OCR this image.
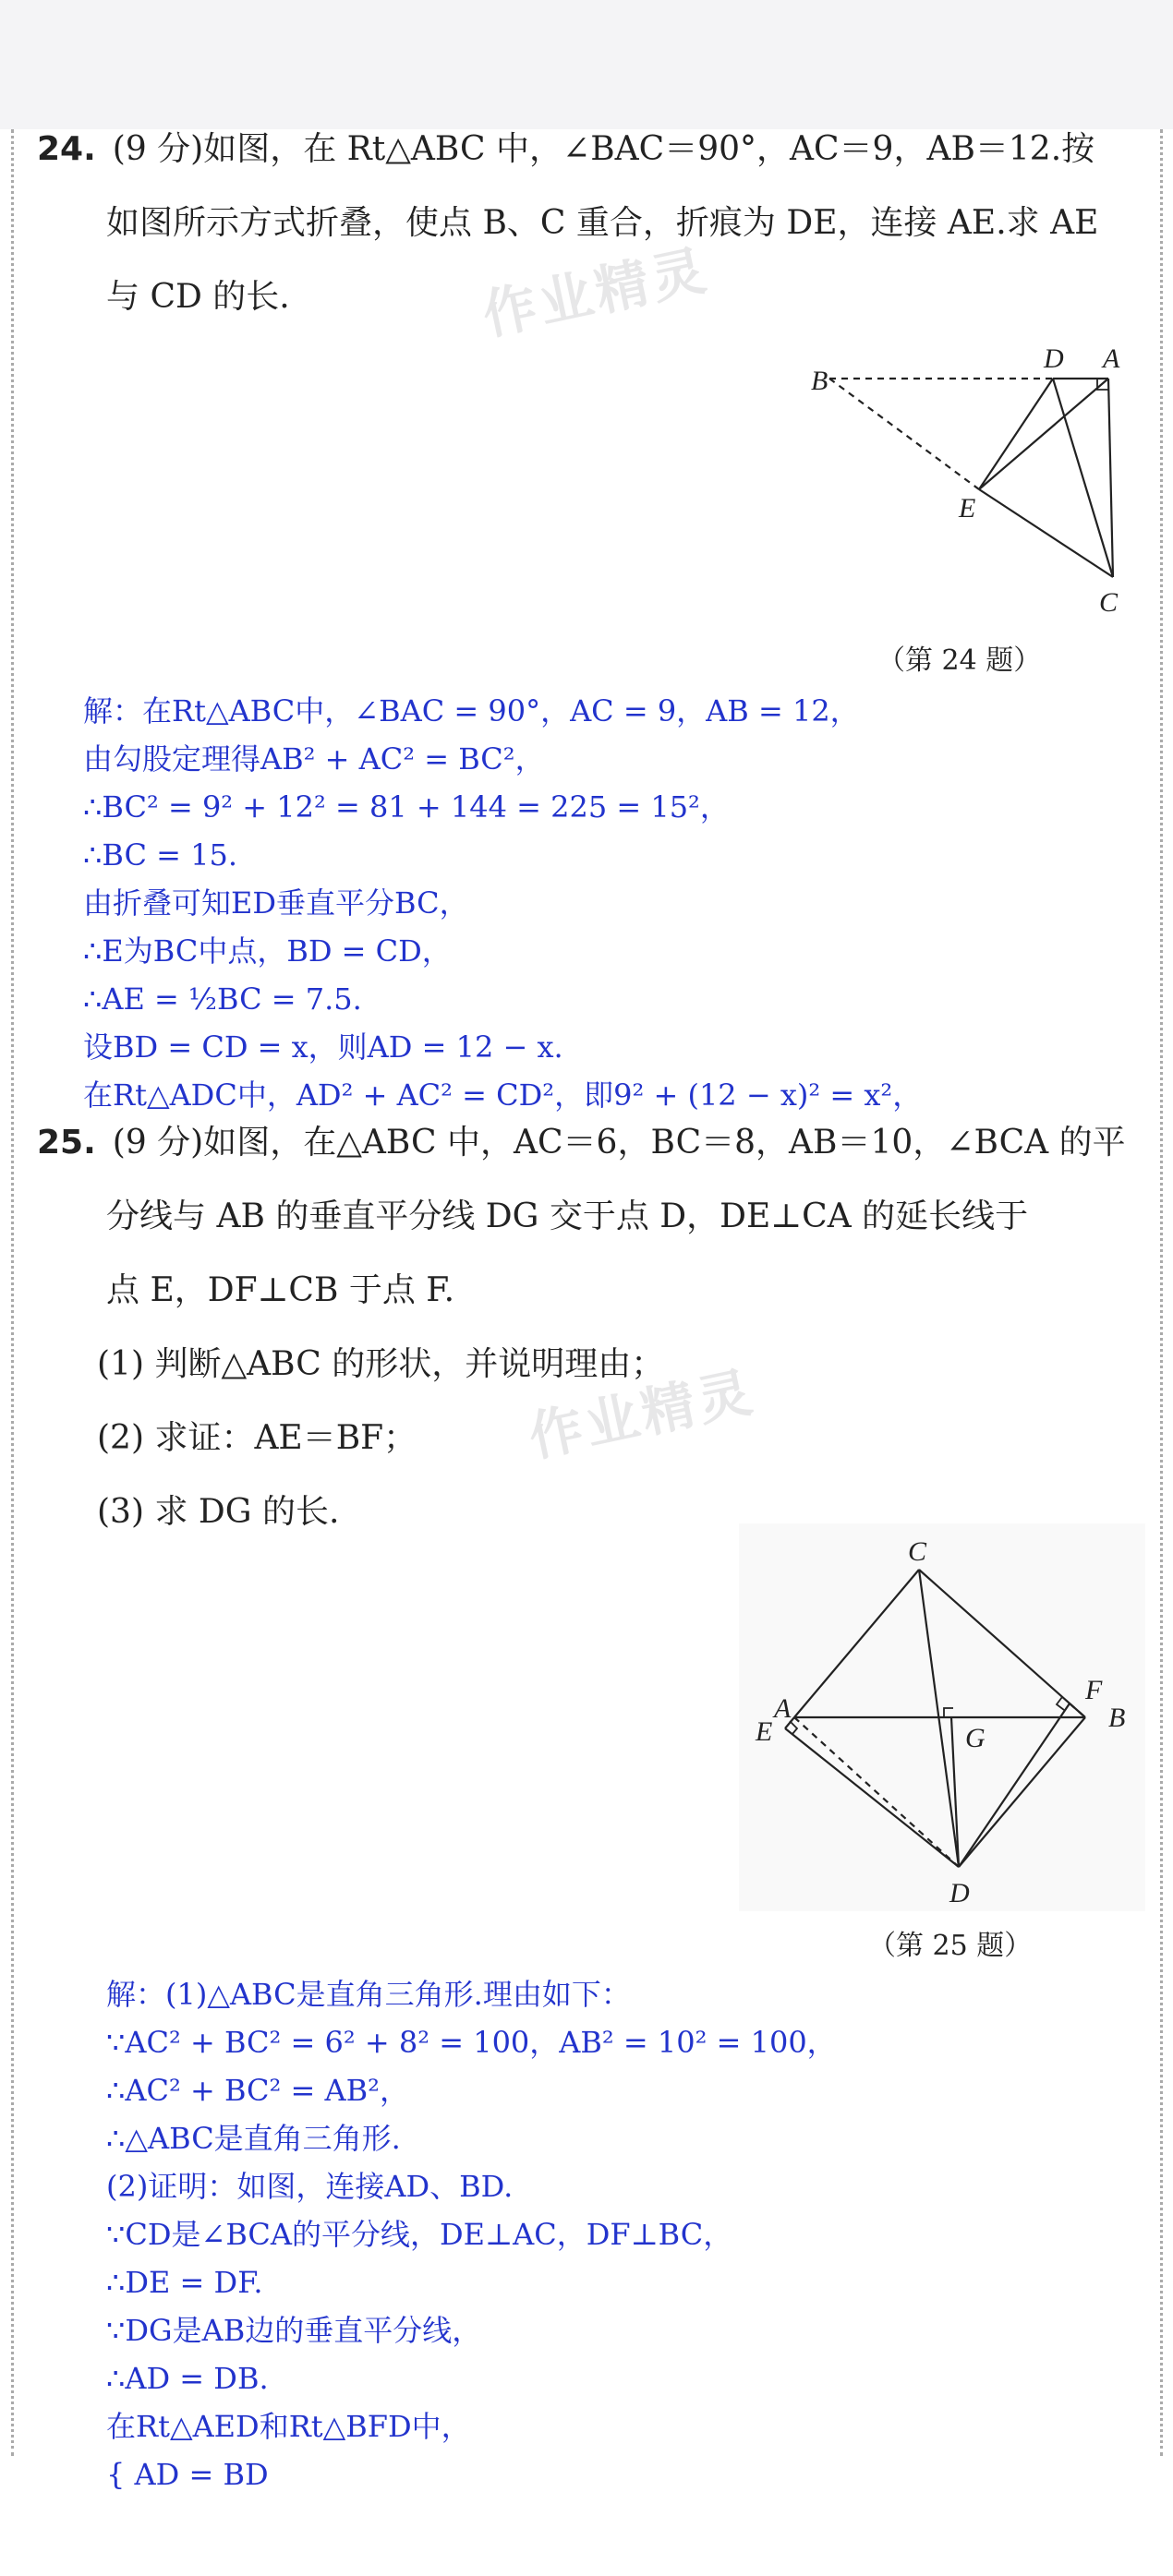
24. (9 分)如图，在 Rt△ABC 中，∠BAC＝90°，AC＝9，AB＝12.按
如图所示方式折叠，使点 B、C 重合，折痕为 DE，连接 AE.求 AE
与 CD 的长.	作业精灵
B
D A
E
C
（第 24 题）
解：在Rt△ABC中，∠BAC = 90°，AC = 9，AB = 12，
由勾股定理得AB² + AC² = BC²，
∴BC² = 9² + 12² = 81 + 144 = 225 = 15²，
∴BC = 15.
由折叠可知ED垂直平分BC，
∴E为BC中点，BD = CD，
∴AE = ½BC = 7.5.
设BD = CD = x，则AD = 12 − x.
在Rt△ADC中，AD² + AC² = CD²，即9² + (12 − x)² = x²，
25. (9 分)如图，在△ABC 中，AC＝6，BC＝8，AB＝10，∠BCA 的平
分线与 AB 的垂直平分线 DG 交于点 D，DE⊥CA 的延长线于
点 E，DF⊥CB 于点 F.
(1) 判断△ABC 的形状，并说明理由；
(2) 求证：AE＝BF；
(3) 求 DG 的长.
作业精灵
C
F
A	B
E	G
D
（第 25 题）
解：(1)△ABC是直角三角形.理由如下：
∵AC² + BC² = 6² + 8² = 100，AB² = 10² = 100，
∴AC² + BC² = AB²，
∴△ABC是直角三角形.
(2)证明：如图，连接AD、BD.
∵CD是∠BCA的平分线，DE⊥AC，DF⊥BC，
∴DE = DF.
∵DG是AB边的垂直平分线，
∴AD = DB.
在Rt△AED和Rt△BFD中，
{ AD = BD
